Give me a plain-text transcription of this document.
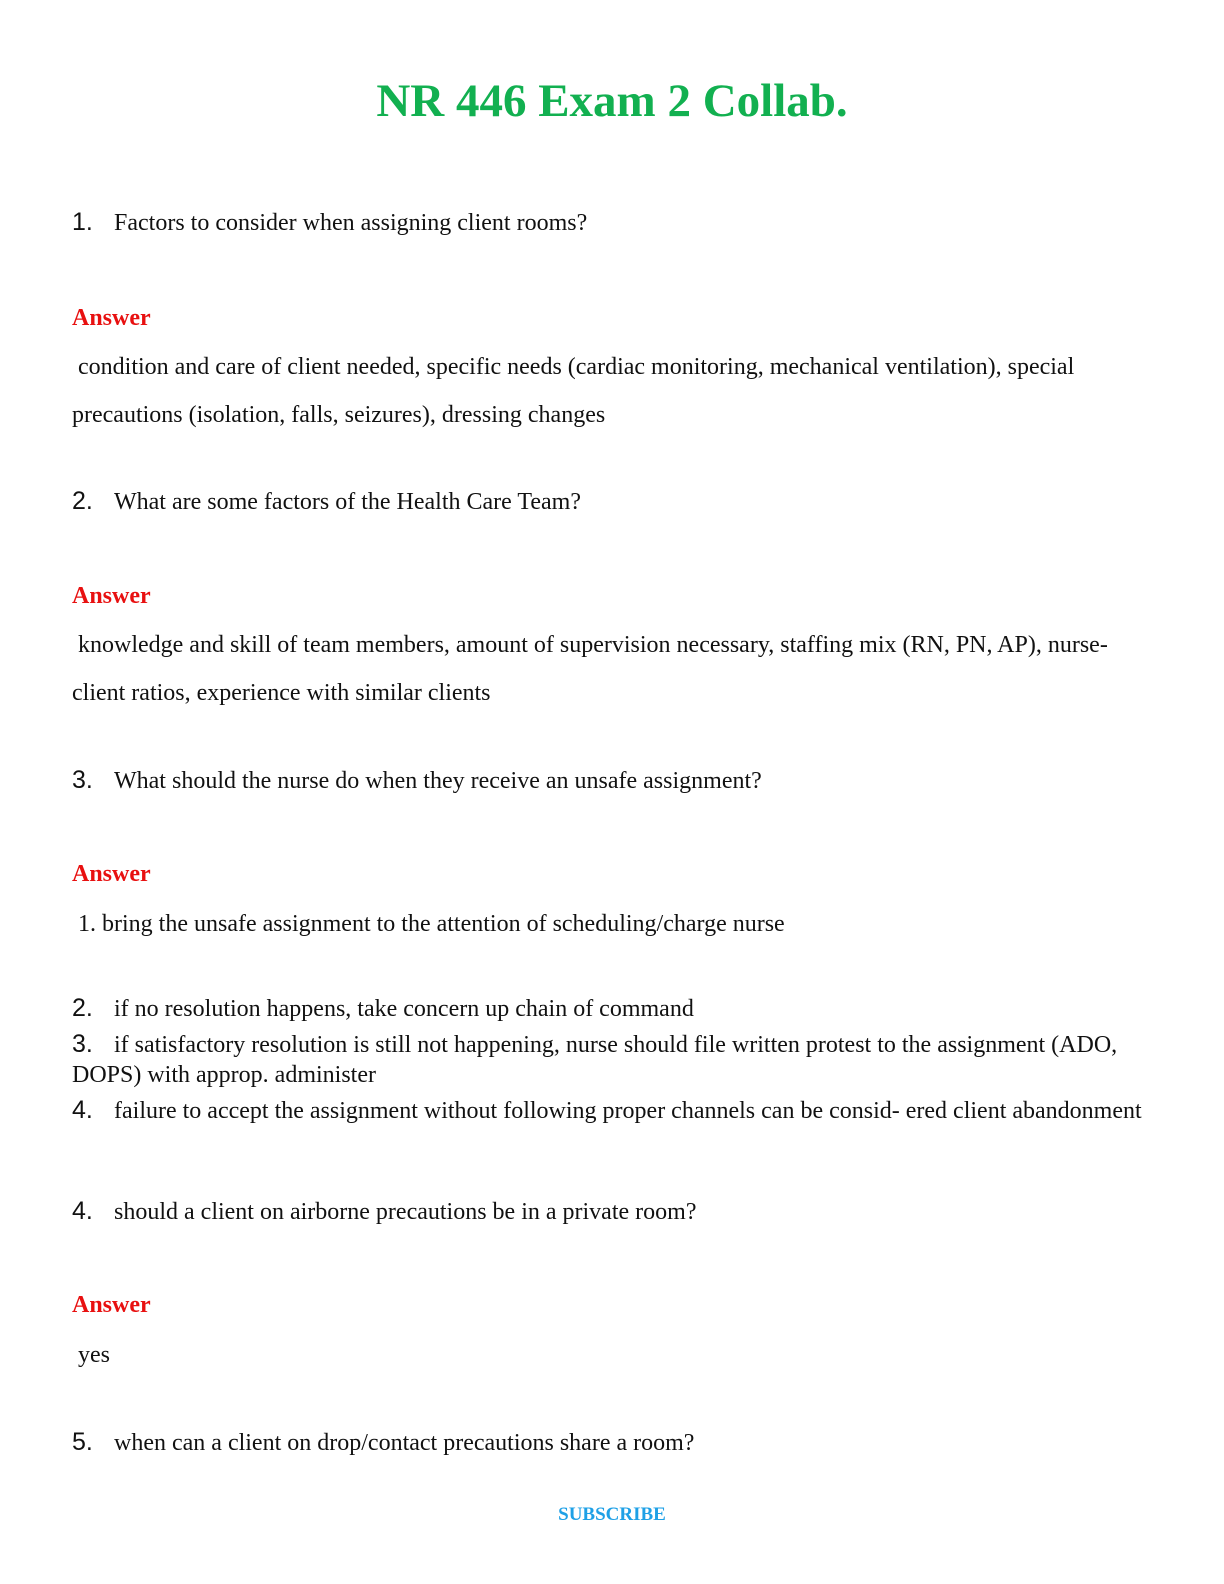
NR 446 Exam 2 Collab.

1. Factors to consider when assigning client rooms?

Answer

condition and care of client needed, specific needs (cardiac monitoring, mechanical ventilation), special precautions (isolation, falls, seizures), dressing changes

2. What are some factors of the Health Care Team?

Answer

knowledge and skill of team members, amount of supervision necessary, staffing mix (RN, PN, AP), nurse-client ratios, experience with similar clients

3. What should the nurse do when they receive an unsafe assignment?

Answer

1. bring the unsafe assignment to the attention of scheduling/charge nurse

2. if no resolution happens, take concern up chain of command

3. if satisfactory resolution is still not happening, nurse should file written protest to the assignment (ADO, DOPS) with approp. administer

4. failure to accept the assignment without following proper channels can be consid- ered client abandonment

4. should a client on airborne precautions be in a private room?

Answer

yes

5. when can a client on drop/contact precautions share a room?

SUBSCRIBE
